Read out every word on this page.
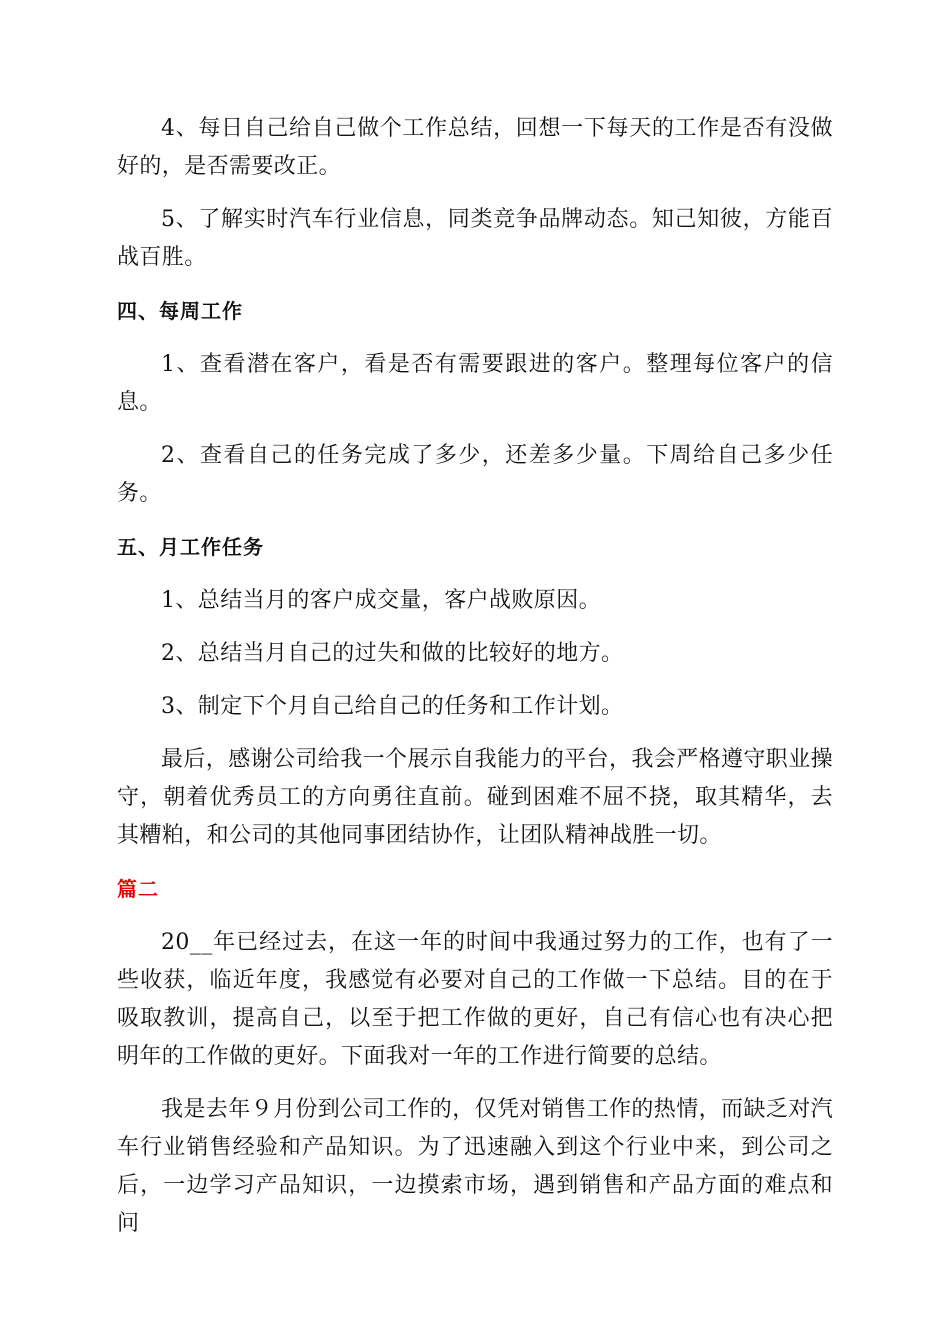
4、每日自己给自己做个工作总结，回想一下每天的工作是否有没做好的，是否需要改正。

5、了解实时汽车行业信息，同类竞争品牌动态。知己知彼，方能百战百胜。

四、每周工作

1、查看潜在客户，看是否有需要跟进的客户。整理每位客户的信息。

2、查看自己的任务完成了多少，还差多少量。下周给自己多少任务。

五、月工作任务

1、总结当月的客户成交量，客户战败原因。

2、总结当月自己的过失和做的比较好的地方。

3、制定下个月自己给自己的任务和工作计划。

最后，感谢公司给我一个展示自我能力的平台，我会严格遵守职业操守，朝着优秀员工的方向勇往直前。碰到困难不屈不挠，取其精华，去其糟粕，和公司的其他同事团结协作，让团队精神战胜一切。

篇二

20__年已经过去，在这一年的时间中我通过努力的工作，也有了一些收获，临近年度，我感觉有必要对自己的工作做一下总结。目的在于吸取教训，提高自己，以至于把工作做的更好，自己有信心也有决心把明年的工作做的更好。下面我对一年的工作进行简要的总结。

我是去年９月份到公司工作的，仅凭对销售工作的热情，而缺乏对汽车行业销售经验和产品知识。为了迅速融入到这个行业中来，到公司之后，一边学习产品知识，一边摸索市场，遇到销售和产品方面的难点和问
